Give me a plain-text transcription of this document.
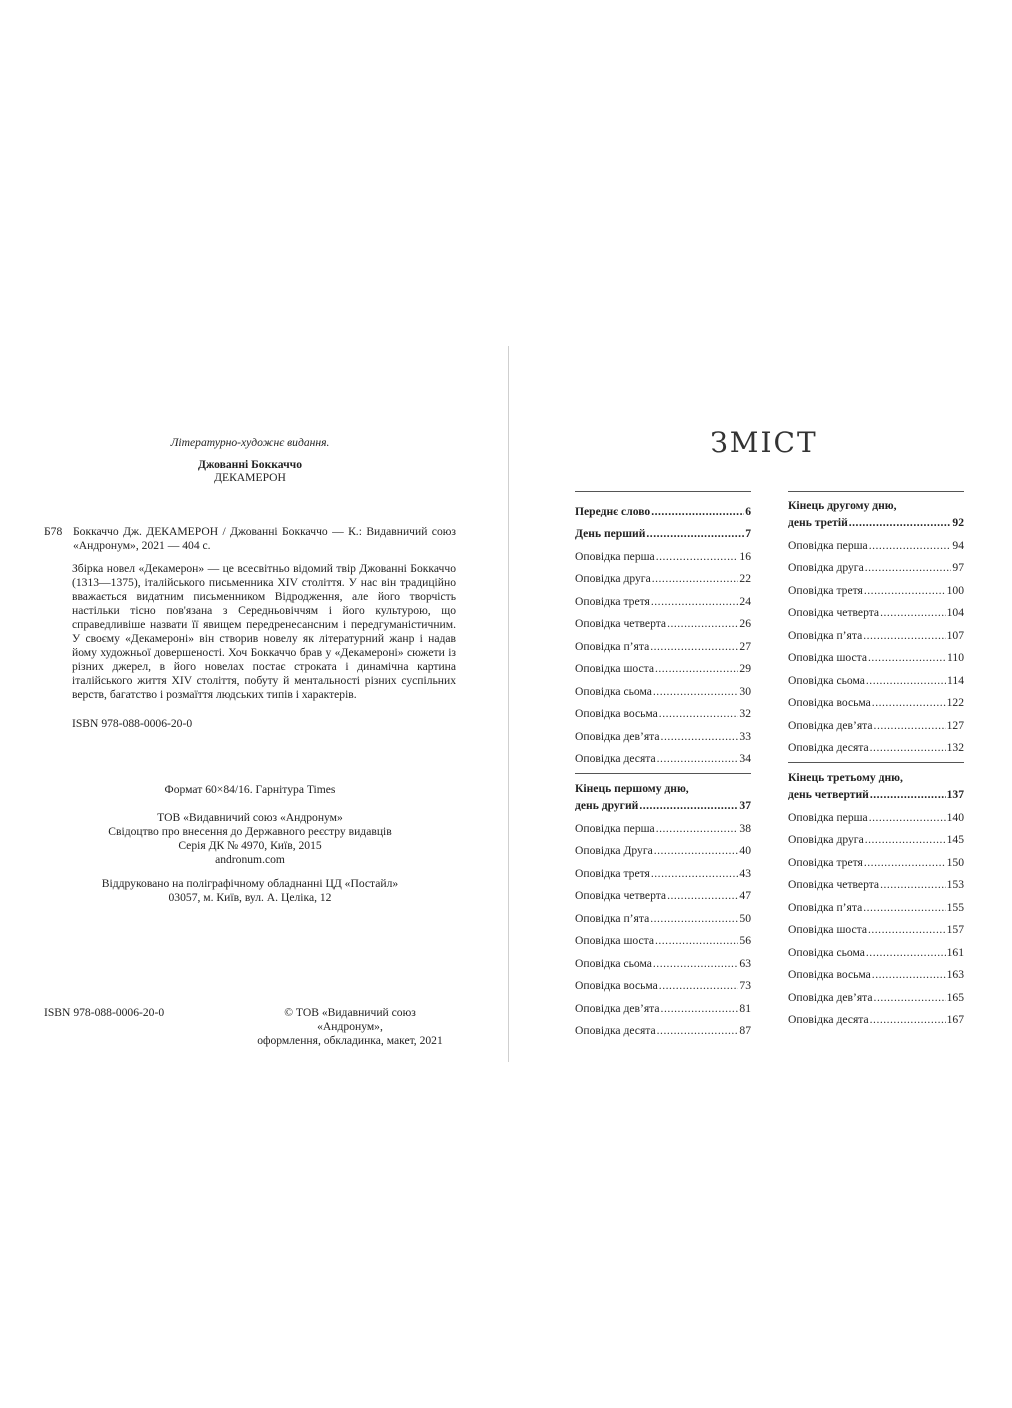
Літературно-художнє видання.
Джованні Боккаччо
ДЕКАМЕРОН
Б78 Боккаччо Дж. ДЕКАМЕРОН / Джованні Боккаччо — К.: Видавничий союз «Андронум», 2021 — 404 с.
Збірка новел «Декамерон» — це всесвітньо відомий твір Джованні Боккаччо (1313—1375), італійського письменника XIV століття. У нас він традиційно вважається видатним письменником Відродження, але його творчість настільки тісно пов'язана з Середньовіччям і його культурою, що справедливіше назвати її явищем передренесансним і передгуманістичним. У своєму «Декамероні» він створив новелу як літературний жанр і надав йому художньої довершеності. Хоч Боккаччо брав у «Декамероні» сюжети із різних джерел, в його новелах постає строката і динамічна картина італійського життя XIV століття, побуту й ментальності різних суспільних верств, багатство і розмаїття людських типів і характерів.
ISBN 978-088-0006-20-0
Формат 60×84/16. Гарнітура Times
ТОВ «Видавничий союз «Андронум»
Свідоцтво про внесення до Державного реєстру видавців
Серія ДК № 4970, Київ, 2015
andronum.com
Віддруковано на поліграфічному обладнанні ЦД «Постайл»
03057, м. Київ, вул. А. Целіка, 12
ISBN 978-088-0006-20-0	© ТОВ «Видавничий союз «Андронум»,
оформлення, обкладинка, макет, 2021
ЗМІСТ
Переднє слово .....	6
День перший .....	7
Оповідка перша .....	16
Оповідка друга .....	22
Оповідка третя .....	24
Оповідка четверта .....	26
Оповідка п’ята .....	27
Оповідка шоста .....	29
Оповідка сьома .....	30
Оповідка восьма .....	32
Оповідка дев’ята .....	33
Оповідка десята .....	34
Кінець першому дню,
день другий .....	37
Оповідка перша .....	38
Оповідка Друга .....	40
Оповідка третя .....	43
Оповідка четверта .....	47
Оповідка п’ята .....	50
Оповідка шоста .....	56
Оповідка сьома .....	63
Оповідка восьма .....	73
Оповідка дев’ята .....	81
Оповідка десята .....	87
Кінець другому дню,
день третій .....	92
Оповідка перша .....	94
Оповідка друга .....	97
Оповідка третя .....	100
Оповідка четверта .....	104
Оповідка п’ята .....	107
Оповідка шоста .....	110
Оповідка сьома .....	114
Оповідка восьма .....	122
Оповідка дев’ята .....	127
Оповідка десята .....	132
Кінець третьому дню,
день четвертий .....	137
Оповідка перша .....	140
Оповідка друга .....	145
Оповідка третя .....	150
Оповідка четверта .....	153
Оповідка п’ята .....	155
Оповідка шоста .....	157
Оповідка сьома .....	161
Оповідка восьма .....	163
Оповідка дев’ята .....	165
Оповідка десята .....	167
